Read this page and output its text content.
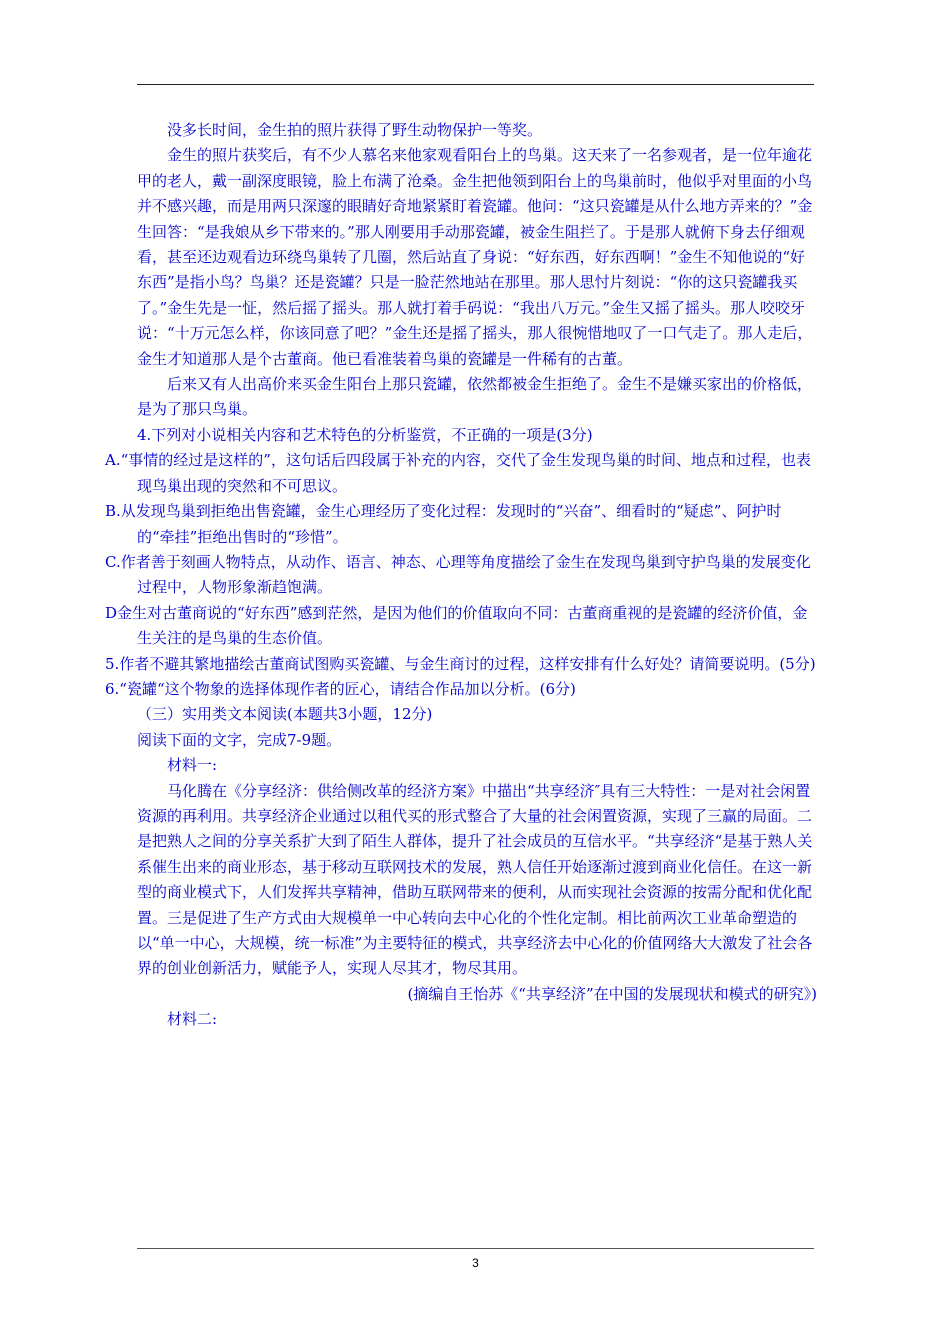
没多长时间，金生拍的照片获得了野生动物保护一等奖。

金生的照片获奖后，有不少人慕名来他家观看阳台上的鸟巢。这天来了一名参观者，是一位年逾花甲的老人，戴一副深度眼镜，脸上布满了沧桑。金生把他领到阳台上的鸟巢前时，他似乎对里面的小鸟并不感兴趣，而是用两只深邃的眼睛好奇地紧紧盯着瓷罐。他问：“这只瓷罐是从什么地方弄来的？”金生回答：“是我娘从乡下带来的。”那人刚要用手动那瓷罐，被金生阻拦了。于是那人就俯下身去仔细观看，甚至还边观看边环绕鸟巢转了几圈，然后站直了身说：“好东西，好东西啊！”金生不知他说的“好东西”是指小鸟？鸟巢？还是瓷罐？只是一脸茫然地站在那里。那人思忖片刻说：“你的这只瓷罐我买了。”金生先是一怔，然后摇了摇头。那人就打着手码说：“我出八万元。”金生又摇了摇头。那人咬咬牙说：“十万元怎么样，你该同意了吧？”金生还是摇了摇头，那人很惋惜地叹了一口气走了。那人走后，金生才知道那人是个古董商。他已看准装着鸟巢的瓷罐是一件稀有的古董。

后来又有人出高价来买金生阳台上那只瓷罐，依然都被金生拒绝了。金生不是嫌买家出的价格低，是为了那只鸟巢。

4.下列对小说相关内容和艺术特色的分析鉴赏，不正确的一项是(3分)

A.“事情的经过是这样的”，这句话后四段属于补充的内容，交代了金生发现鸟巢的时间、地点和过程，也表现鸟巢出现的突然和不可思议。

B.从发现鸟巢到拒绝出售瓷罐，金生心理经历了变化过程：发现时的“兴奋”、细看时的“疑虑”、阿护时的“牵挂”拒绝出售时的“珍惜”。

C.作者善于刻画人物特点，从动作、语言、神态、心理等角度描绘了金生在发现鸟巢到守护鸟巢的发展变化过程中，人物形象渐趋饱满。

D金生对古董商说的“好东西”感到茫然，是因为他们的价值取向不同：古董商重视的是瓷罐的经济价值，金生关注的是鸟巢的生态价值。

5.作者不避其繁地描绘古董商试图购买瓷罐、与金生商讨的过程，这样安排有什么好处？请简要说明。(5分)

6.“瓷罐“这个物象的选择体现作者的匠心，请结合作品加以分析。(6分)

（三）实用类文本阅读(本题共3小题，12分)

阅读下面的文字，完成7-9题。

材料一:

马化腾在《分享经济：供给侧改革的经济方案》中描出“共享经济″具有三大特性：一是对社会闲置资源的再利用。共享经济企业通过以租代买的形式整合了大量的社会闲置资源，实现了三赢的局面。二是把熟人之间的分享关系扩大到了陌生人群体，提升了社会成员的互信水平。“共享经济“是基于熟人关系催生出来的商业形态，基于移动互联网技术的发展，熟人信任开始逐渐过渡到商业化信任。在这一新型的商业模式下，人们发挥共享精神，借助互联网带来的便利，从而实现社会资源的按需分配和优化配置。三是促进了生产方式由大规模单一中心转向去中心化的个性化定制。相比前两次工业革命塑造的以“单一中心，大规模，统一标准”为主要特征的模式，共享经济去中心化的价值网络大大激发了社会各界的创业创新活力，赋能予人，实现人尽其才，物尽其用。

(摘编自王怡苏《“共享经济”在中国的发展现状和模式的研究》)

材料二:

3
